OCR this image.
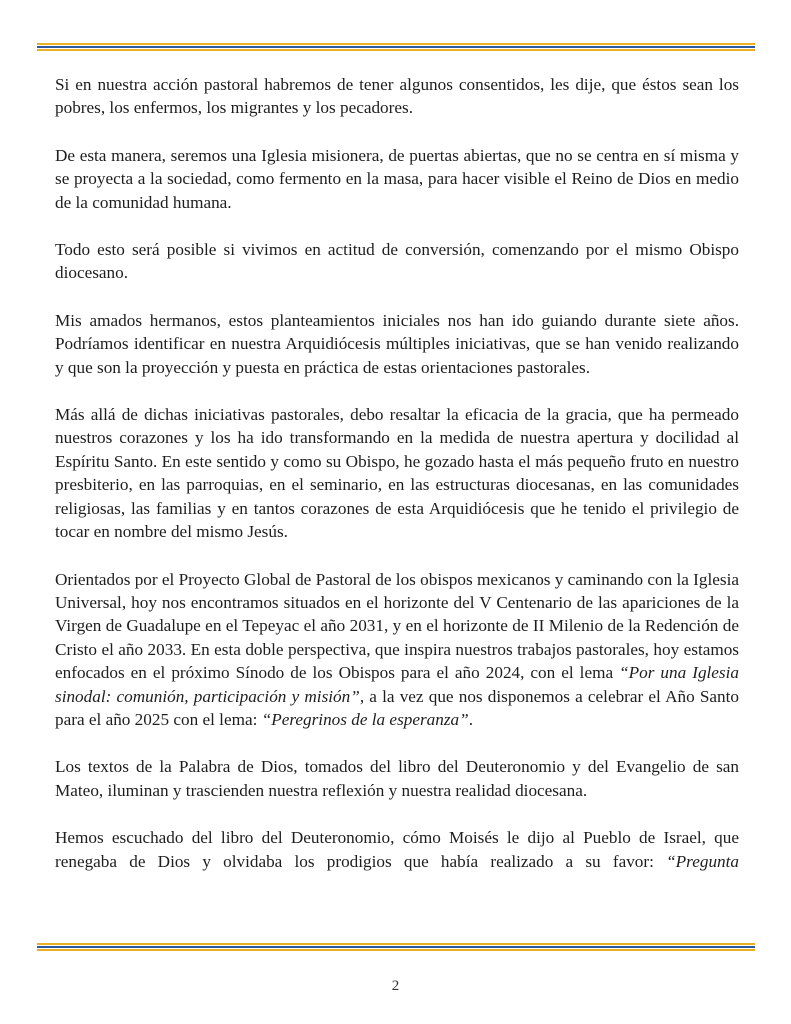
Si en nuestra acción pastoral habremos de tener algunos consentidos, les dije, que éstos sean los pobres, los enfermos, los migrantes y los pecadores.

De esta manera, seremos una Iglesia misionera, de puertas abiertas, que no se centra en sí misma y se proyecta a la sociedad, como fermento en la masa, para hacer visible el Reino de Dios en medio de la comunidad humana.

Todo esto será posible si vivimos en actitud de conversión, comenzando por el mismo Obispo diocesano.

Mis amados hermanos, estos planteamientos iniciales nos han ido guiando durante siete años. Podríamos identificar en nuestra Arquidiócesis múltiples iniciativas, que se han venido realizando y que son la proyección y puesta en práctica de estas orientaciones pastorales.

Más allá de dichas iniciativas pastorales, debo resaltar la eficacia de la gracia, que ha permeado nuestros corazones y los ha ido transformando en la medida de nuestra apertura y docilidad al Espíritu Santo. En este sentido y como su Obispo, he gozado hasta el más pequeño fruto en nuestro presbiterio, en las parroquias, en el seminario, en las estructuras diocesanas, en las comunidades religiosas, las familias y en tantos corazones de esta Arquidiócesis que he tenido el privilegio de tocar en nombre del mismo Jesús.

Orientados por el Proyecto Global de Pastoral de los obispos mexicanos y caminando con la Iglesia Universal, hoy nos encontramos situados en el horizonte del V Centenario de las apariciones de la Virgen de Guadalupe en el Tepeyac el año 2031, y en el horizonte de II Milenio de la Redención de Cristo el año 2033. En esta doble perspectiva, que inspira nuestros trabajos pastorales, hoy estamos enfocados en el próximo Sínodo de los Obispos para el año 2024, con el lema “Por una Iglesia sinodal: comunión, participación y misión”, a la vez que nos disponemos a celebrar el Año Santo para el año 2025 con el lema: “Peregrinos de la esperanza”.

Los textos de la Palabra de Dios, tomados del libro del Deuteronomio y del Evangelio de san Mateo, iluminan y trascienden nuestra reflexión y nuestra realidad diocesana.

Hemos escuchado del libro del Deuteronomio, cómo Moisés le dijo al Pueblo de Israel, que renegaba de Dios y olvidaba los prodigios que había realizado a su favor: “Pregunta

2
